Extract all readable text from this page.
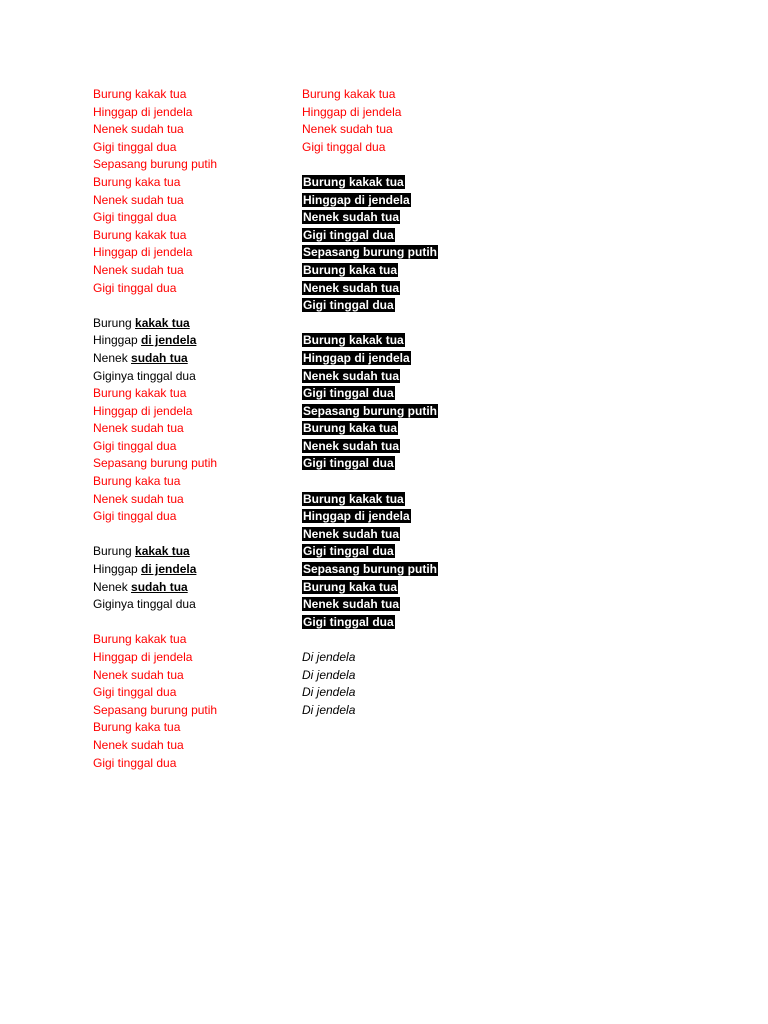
Burung kakak tua
Hinggap di jendela
Nenek sudah tua
Gigi tinggal dua
Sepasang burung putih
Burung kaka tua
Nenek sudah tua
Gigi tinggal dua
Burung kakak tua
Hinggap di jendela
Nenek sudah tua
Gigi tinggal dua
Burung kakak tua
Hinggap di jendela
Nenek sudah tua
Giginya tinggal dua
Burung kakak tua
Hinggap di jendela
Nenek sudah tua
Gigi tinggal dua
Sepasang burung putih
Burung kaka tua
Nenek sudah tua
Gigi tinggal dua
Burung kakak tua
Hinggap di jendela
Nenek sudah tua
Giginya tinggal dua
Burung kakak tua
Hinggap di jendela
Nenek sudah tua
Gigi tinggal dua
Sepasang burung putih
Burung kaka tua
Nenek sudah tua
Gigi tinggal dua
Burung kakak tua
Hinggap di jendela
Nenek sudah tua
Gigi tinggal dua
Burung kakak tua
Hinggap di jendela
Nenek sudah tua
Gigi tinggal dua
Sepasang burung putih
Burung kaka tua
Nenek sudah tua
Gigi tinggal dua
Burung kakak tua
Hinggap di jendela
Nenek sudah tua
Gigi tinggal dua
Sepasang burung putih
Burung kaka tua
Nenek sudah tua
Gigi tinggal dua
Burung kakak tua
Hinggap di jendela
Nenek sudah tua
Gigi tinggal dua
Sepasang burung putih
Burung kaka tua
Nenek sudah tua
Gigi tinggal dua
Di jendela
Di jendela
Di jendela
Di jendela
